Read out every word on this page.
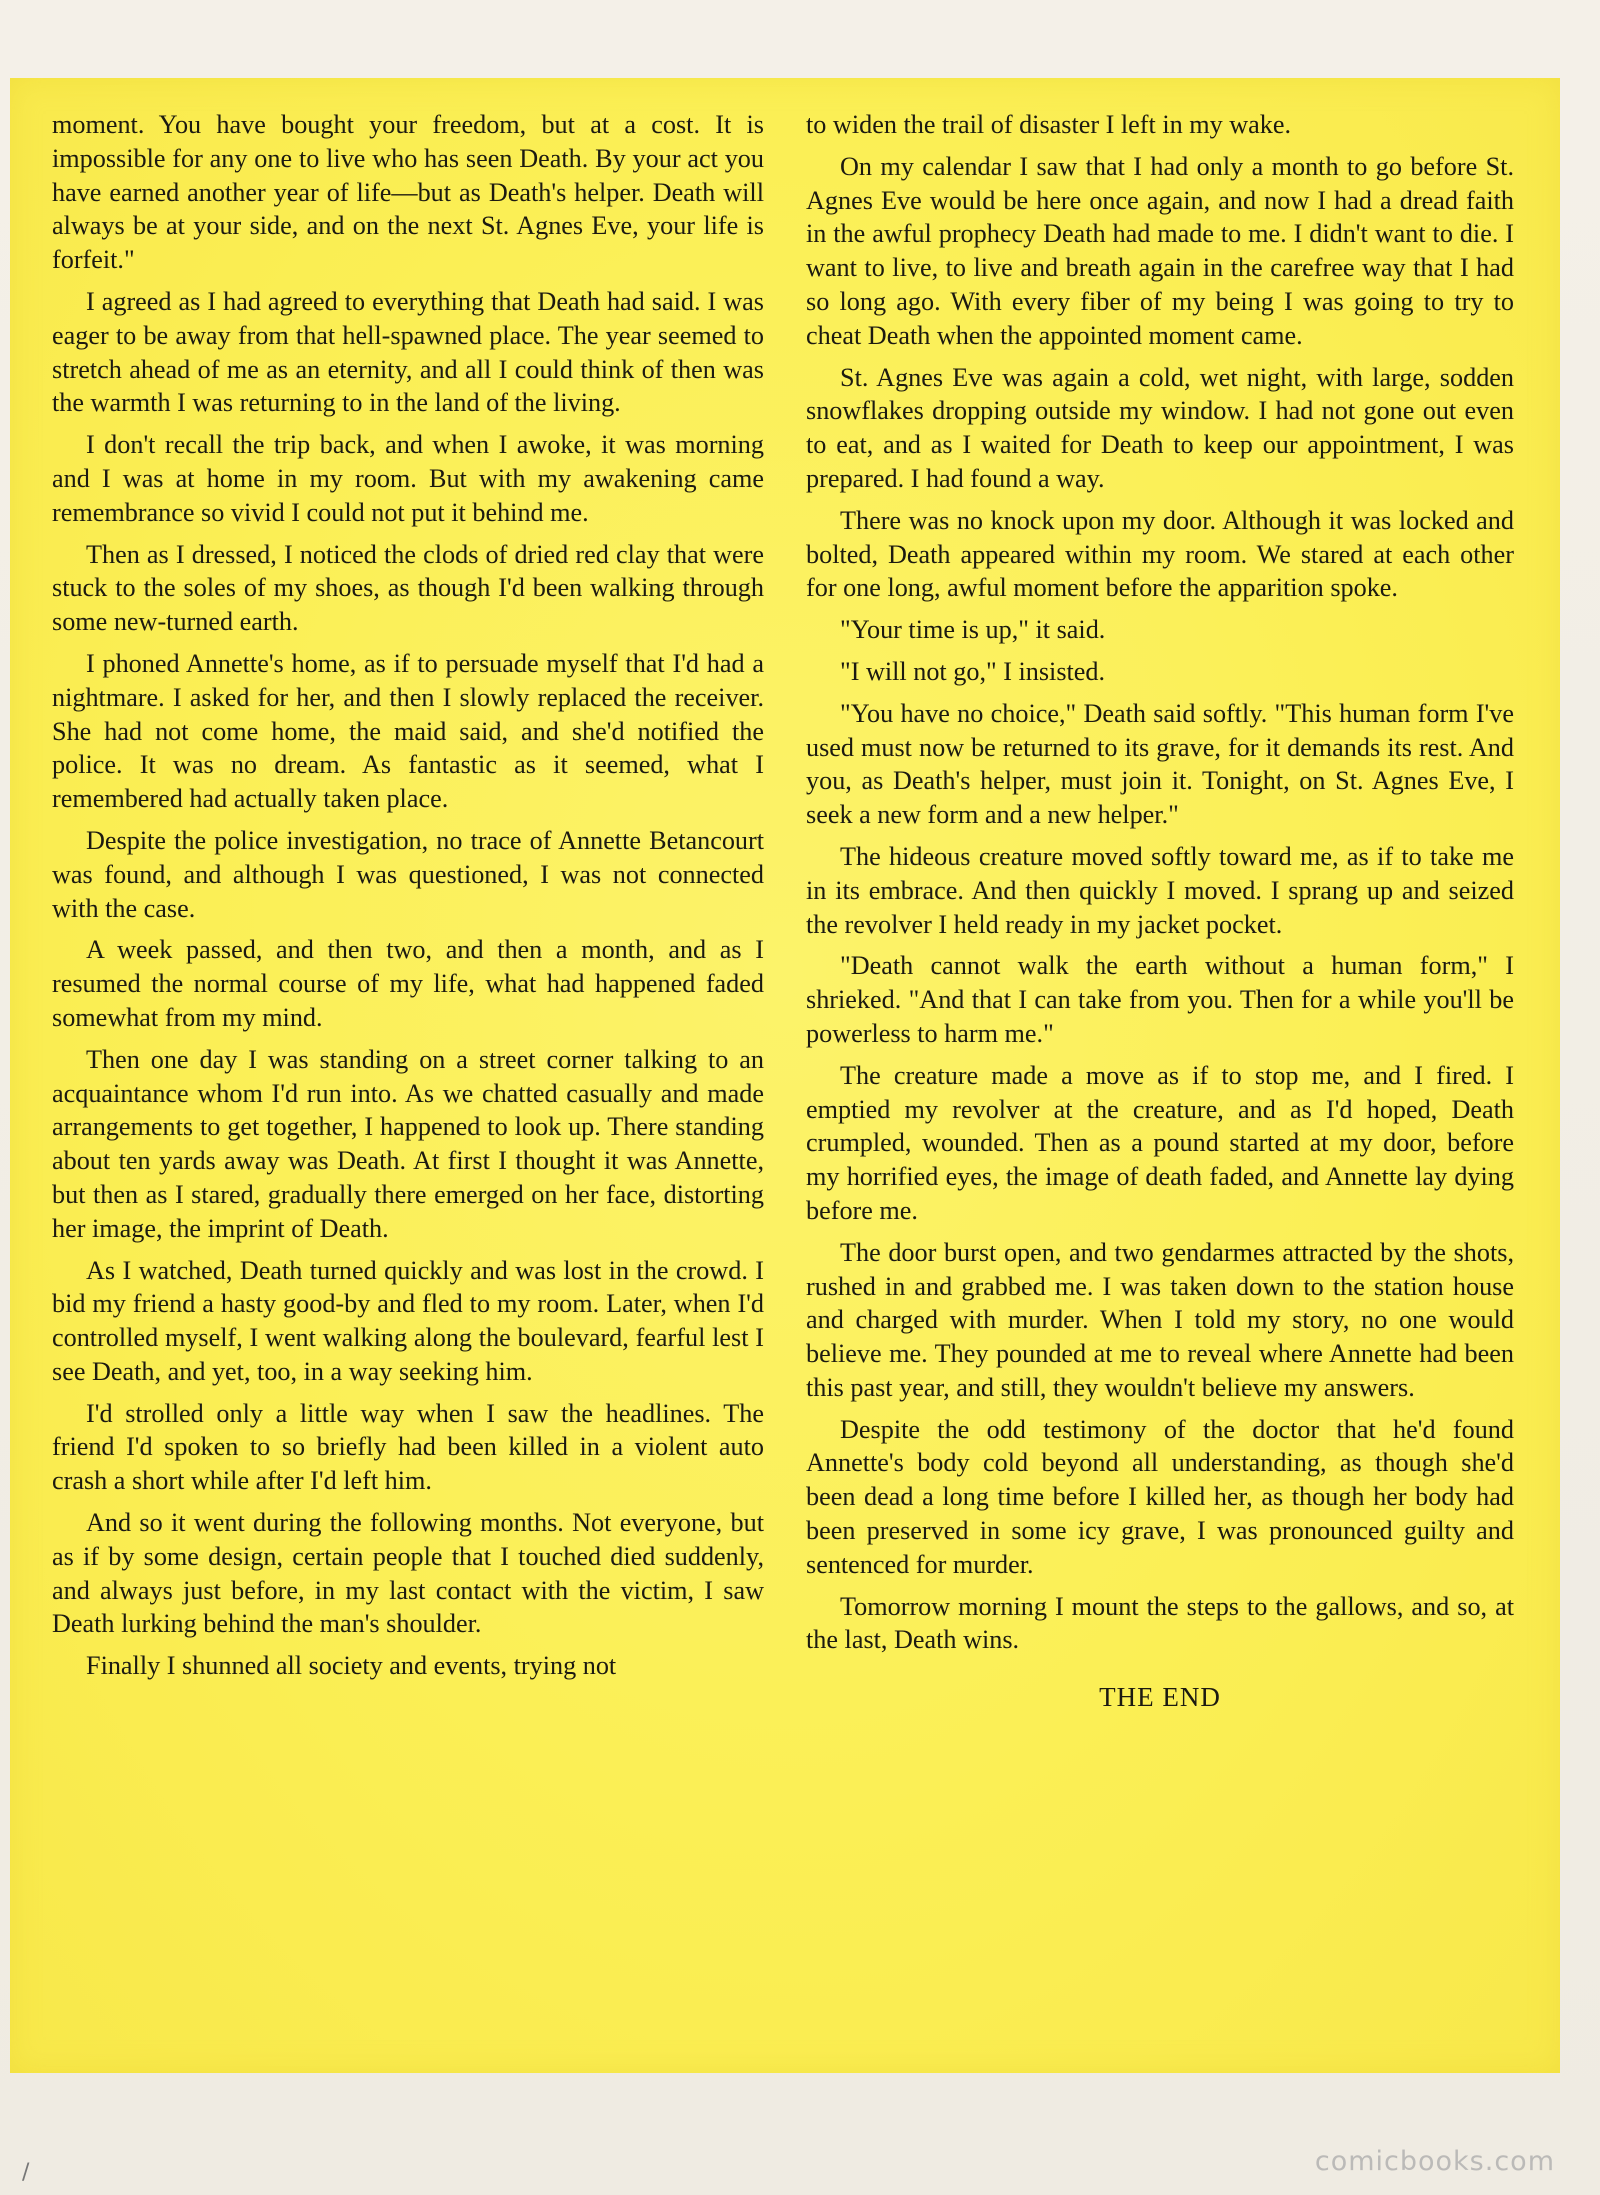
moment. You have bought your freedom, but at a cost. It is impossible for any one to live who has seen Death. By your act you have earned another year of life—but as Death's helper. Death will always be at your side, and on the next St. Agnes Eve, your life is forfeit."

I agreed as I had agreed to everything that Death had said. I was eager to be away from that hell-spawned place. The year seemed to stretch ahead of me as an eternity, and all I could think of then was the warmth I was returning to in the land of the living.

I don't recall the trip back, and when I awoke, it was morning and I was at home in my room. But with my awakening came remembrance so vivid I could not put it behind me.

Then as I dressed, I noticed the clods of dried red clay that were stuck to the soles of my shoes, as though I'd been walking through some new-turned earth.

I phoned Annette's home, as if to persuade myself that I'd had a nightmare. I asked for her, and then I slowly replaced the receiver. She had not come home, the maid said, and she'd notified the police. It was no dream. As fantastic as it seemed, what I remembered had actually taken place.

Despite the police investigation, no trace of Annette Betancourt was found, and although I was questioned, I was not connected with the case.

A week passed, and then two, and then a month, and as I resumed the normal course of my life, what had happened faded somewhat from my mind.

Then one day I was standing on a street corner talking to an acquaintance whom I'd run into. As we chatted casually and made arrangements to get together, I happened to look up. There standing about ten yards away was Death. At first I thought it was Annette, but then as I stared, gradually there emerged on her face, distorting her image, the imprint of Death.

As I watched, Death turned quickly and was lost in the crowd. I bid my friend a hasty good-by and fled to my room. Later, when I'd controlled myself, I went walking along the boulevard, fearful lest I see Death, and yet, too, in a way seeking him.

I'd strolled only a little way when I saw the headlines. The friend I'd spoken to so briefly had been killed in a violent auto crash a short while after I'd left him.

And so it went during the following months. Not everyone, but as if by some design, certain people that I touched died suddenly, and always just before, in my last contact with the victim, I saw Death lurking behind the man's shoulder.

Finally I shunned all society and events, trying not

to widen the trail of disaster I left in my wake.

On my calendar I saw that I had only a month to go before St. Agnes Eve would be here once again, and now I had a dread faith in the awful prophecy Death had made to me. I didn't want to die. I want to live, to live and breath again in the carefree way that I had so long ago. With every fiber of my being I was going to try to cheat Death when the appointed moment came.

St. Agnes Eve was again a cold, wet night, with large, sodden snowflakes dropping outside my window. I had not gone out even to eat, and as I waited for Death to keep our appointment, I was prepared. I had found a way.

There was no knock upon my door. Although it was locked and bolted, Death appeared within my room. We stared at each other for one long, awful moment before the apparition spoke.

"Your time is up," it said.

"I will not go," I insisted.

"You have no choice," Death said softly. "This human form I've used must now be returned to its grave, for it demands its rest. And you, as Death's helper, must join it. Tonight, on St. Agnes Eve, I seek a new form and a new helper."

The hideous creature moved softly toward me, as if to take me in its embrace. And then quickly I moved. I sprang up and seized the revolver I held ready in my jacket pocket.

"Death cannot walk the earth without a human form," I shrieked. "And that I can take from you. Then for a while you'll be powerless to harm me."

The creature made a move as if to stop me, and I fired. I emptied my revolver at the creature, and as I'd hoped, Death crumpled, wounded. Then as a pound started at my door, before my horrified eyes, the image of death faded, and Annette lay dying before me.

The door burst open, and two gendarmes attracted by the shots, rushed in and grabbed me. I was taken down to the station house and charged with murder. When I told my story, no one would believe me. They pounded at me to reveal where Annette had been this past year, and still, they wouldn't believe my answers.

Despite the odd testimony of the doctor that he'd found Annette's body cold beyond all understanding, as though she'd been dead a long time before I killed her, as though her body had been preserved in some icy grave, I was pronounced guilty and sentenced for murder.

Tomorrow morning I mount the steps to the gallows, and so, at the last, Death wins.

THE END

/	comicbooks.com
